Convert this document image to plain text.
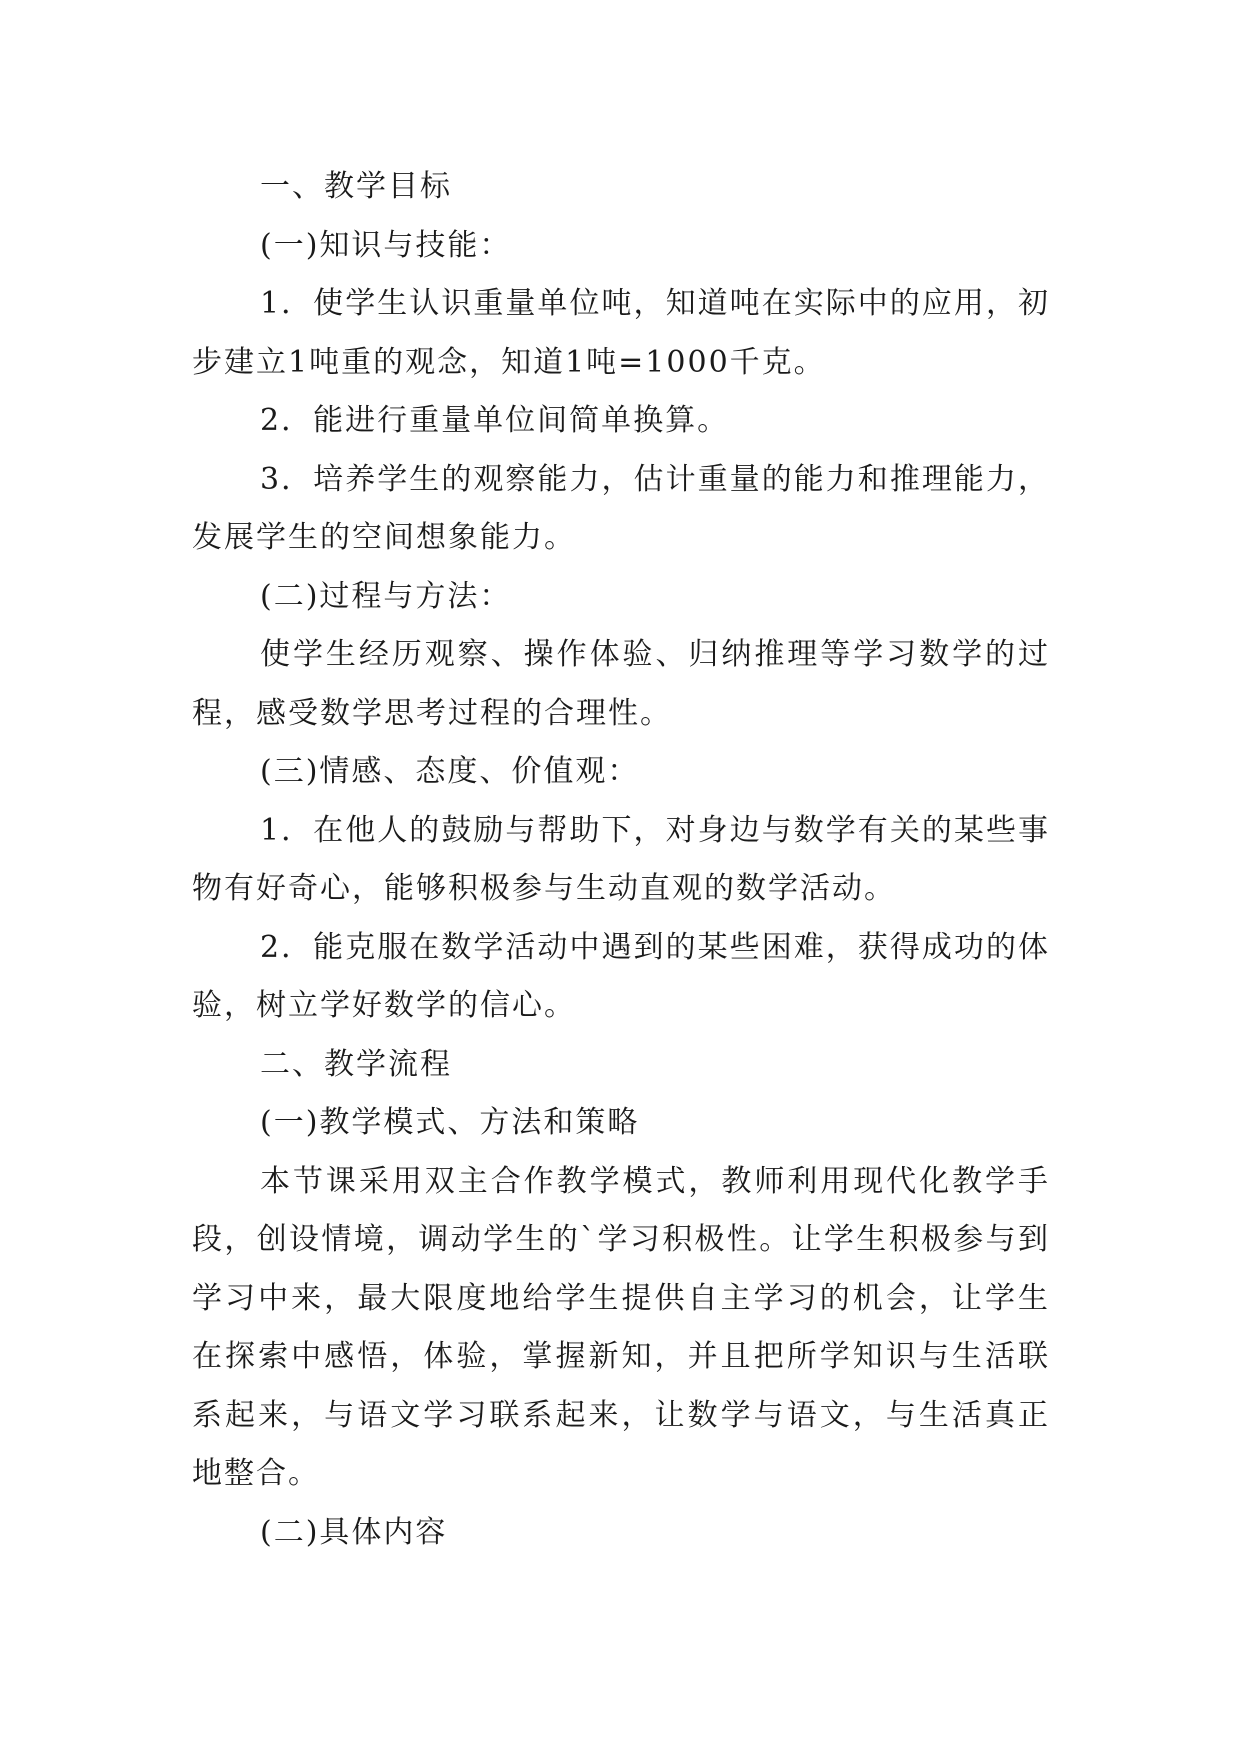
一、教学目标

(一)知识与技能：

1．使学生认识重量单位吨，知道吨在实际中的应用，初步建立1吨重的观念，知道1吨=1000千克。

2．能进行重量单位间简单换算。

3．培养学生的观察能力，估计重量的能力和推理能力，发展学生的空间想象能力。

(二)过程与方法：

使学生经历观察、操作体验、归纳推理等学习数学的过程，感受数学思考过程的合理性。

(三)情感、态度、价值观：

1．在他人的鼓励与帮助下，对身边与数学有关的某些事物有好奇心，能够积极参与生动直观的数学活动。

2．能克服在数学活动中遇到的某些困难，获得成功的体验，树立学好数学的信心。

二、教学流程

(一)教学模式、方法和策略

本节课采用双主合作教学模式，教师利用现代化教学手段，创设情境，调动学生的`学习积极性。让学生积极参与到学习中来，最大限度地给学生提供自主学习的机会，让学生在探索中感悟，体验，掌握新知，并且把所学知识与生活联系起来，与语文学习联系起来，让数学与语文，与生活真正地整合。

(二)具体内容
